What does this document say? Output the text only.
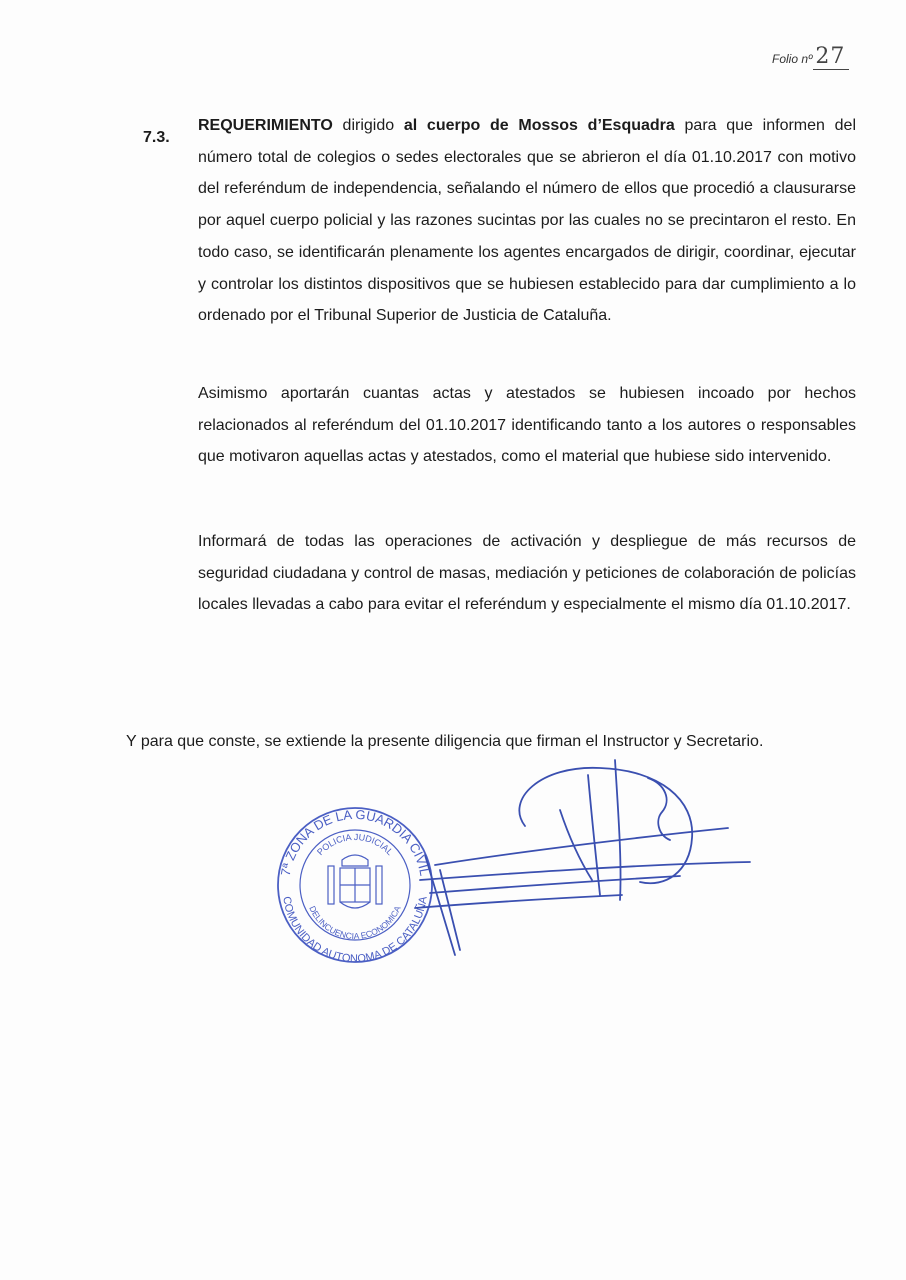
Folio nº 27

7.3.

REQUERIMIENTO dirigido al cuerpo de Mossos d’Esquadra para que informen del número total de colegios o sedes electorales que se abrieron el día 01.10.2017 con motivo del referéndum de independencia, señalando el número de ellos que procedió a clausurarse por aquel cuerpo policial y las razones sucintas por las cuales no se precintaron el resto. En todo caso, se identificarán plenamente los agentes encargados de dirigir, coordinar, ejecutar y controlar los distintos dispositivos que se hubiesen establecido para dar cumplimiento a lo ordenado por el Tribunal Superior de Justicia de Cataluña.

Asimismo aportarán cuantas actas y atestados se hubiesen incoado por hechos relacionados al referéndum del 01.10.2017 identificando tanto a los autores o responsables que motivaron aquellas actas y atestados, como el material que hubiese sido intervenido.

Informará de todas las operaciones de activación y despliegue de más recursos de seguridad ciudadana y control de masas, mediación y peticiones de colaboración de policías locales llevadas a cabo para evitar el referéndum y especialmente el mismo día 01.10.2017.

Y para que conste, se extiende la presente diligencia que firman el Instructor y Secretario.

7ª ZONA DE LA GUARDIA CIVIL
COMUNIDAD AUTONOMA DE CATALUÑA
POLICIA JUDICIAL
DELINCUENCIA ECONOMICA
